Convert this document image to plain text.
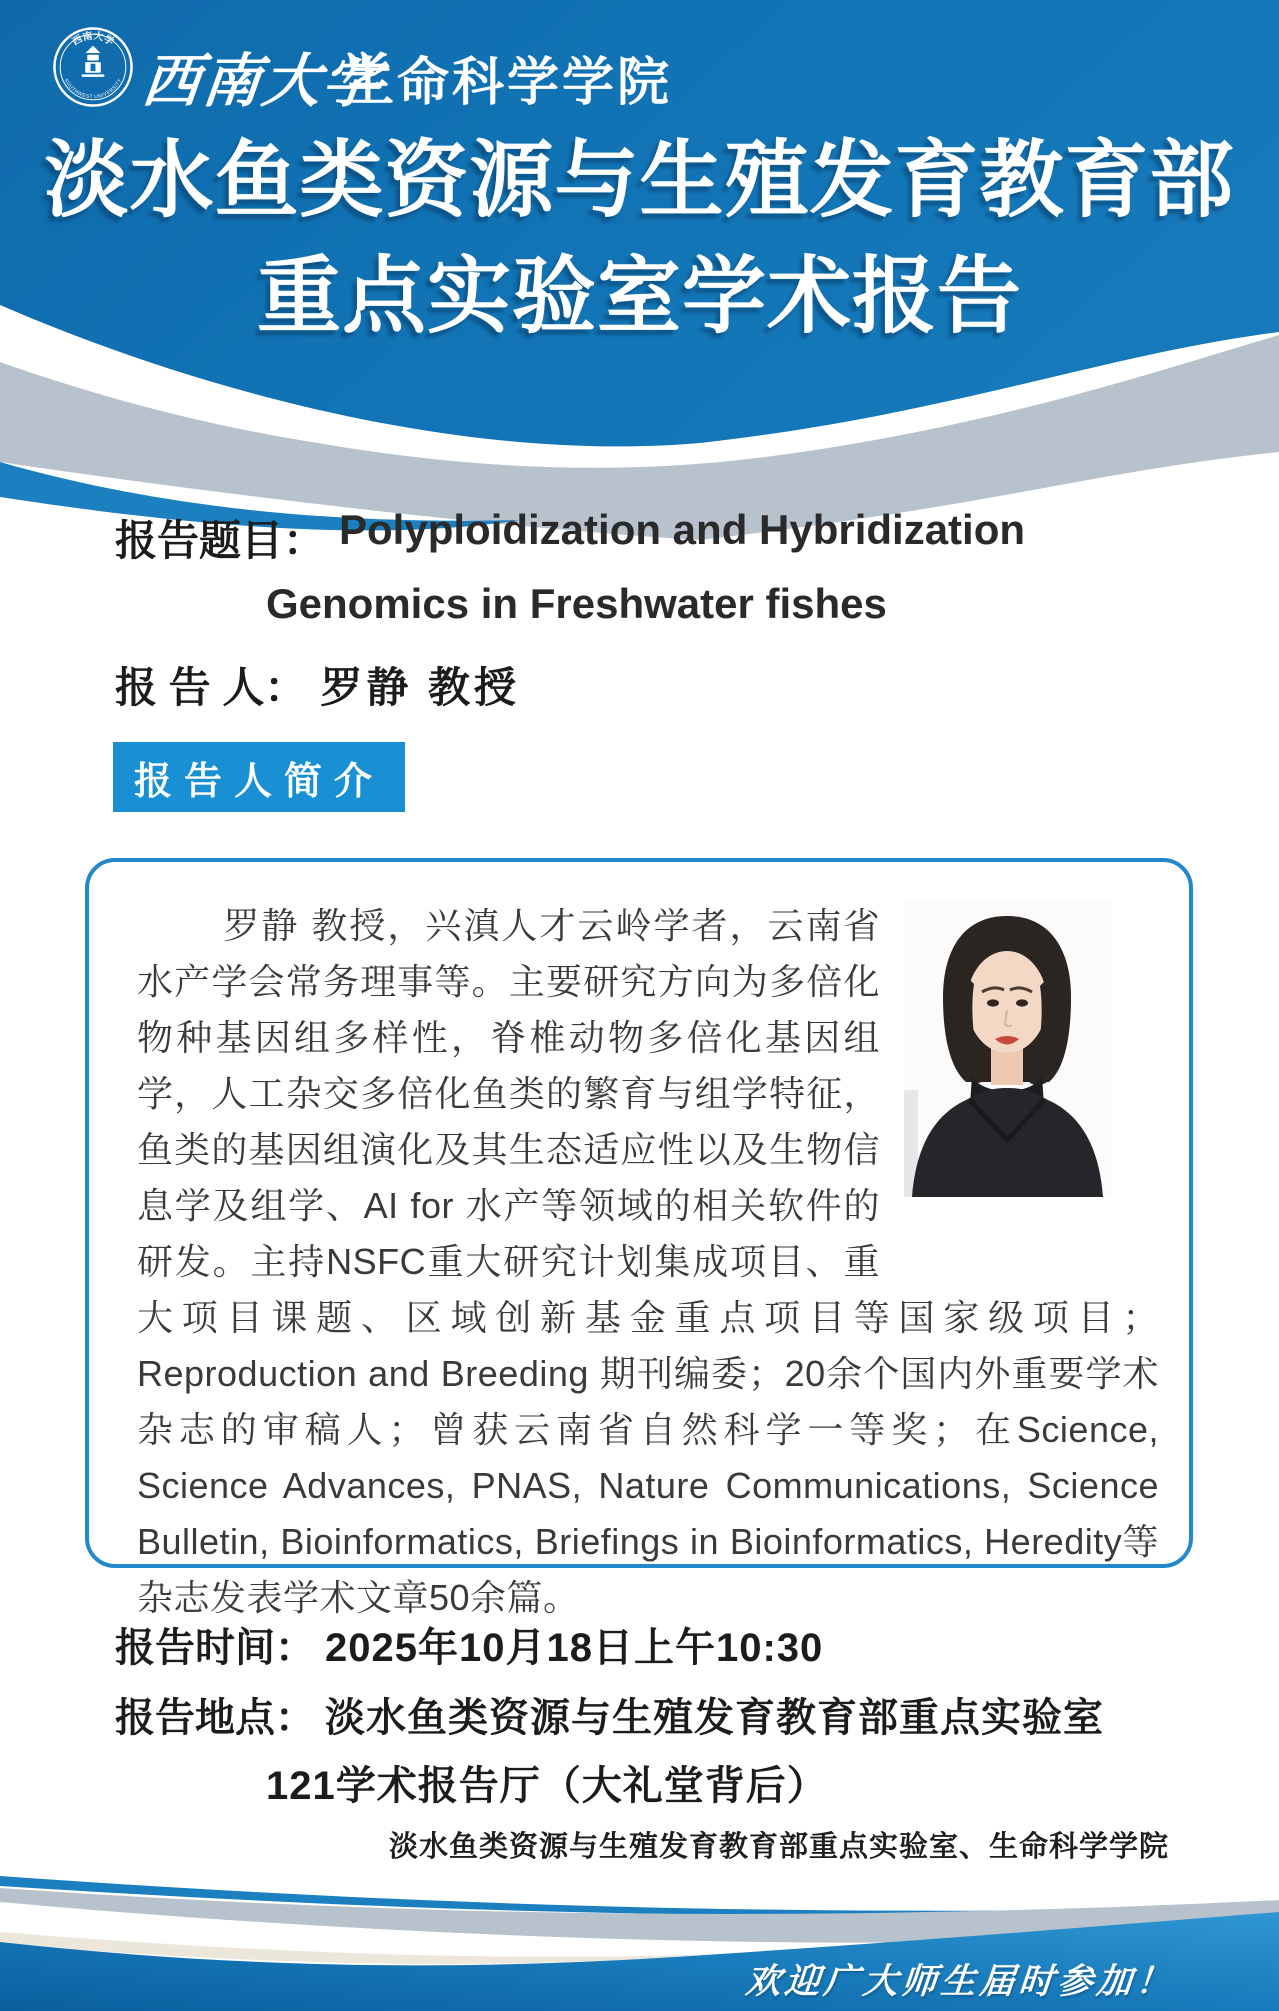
西南大学
SOUTHWEST UNIVERSITY 西南大学
生命科学学院
淡水鱼类资源与生殖发育教育部
重点实验室学术报告
报告题目： Polyploidization and Hybridization
Genomics in Freshwater fishes
报 告 人： 罗静 教授
报告人简介

罗静 教授，兴滇人才云岭学者，云南省水产学会常务理事等。主要研究方向为多倍化物种基因组多样性，脊椎动物多倍化基因组学，人工杂交多倍化鱼类的繁育与组学特征，鱼类的基因组演化及其生态适应性以及生物信息学及组学、AI for 水产等领域的相关软件的研发。主持NSFC重大研究计划集成项目、重大项目课题、区域创新基金重点项目等国家级项目；Reproduction and Breeding 期刊编委；20余个国内外重要学术杂志的审稿人；曾获云南省自然科学一等奖；在Science, Science Advances, PNAS, Nature Communications, Science Bulletin, Bioinformatics, Briefings in Bioinformatics, Heredity等杂志发表学术文章50余篇。

报告时间： 2025年10月18日上午10:30
报告地点： 淡水鱼类资源与生殖发育教育部重点实验室
121学术报告厅（大礼堂背后）
淡水鱼类资源与生殖发育教育部重点实验室、生命科学学院
欢迎广大师生届时参加！
